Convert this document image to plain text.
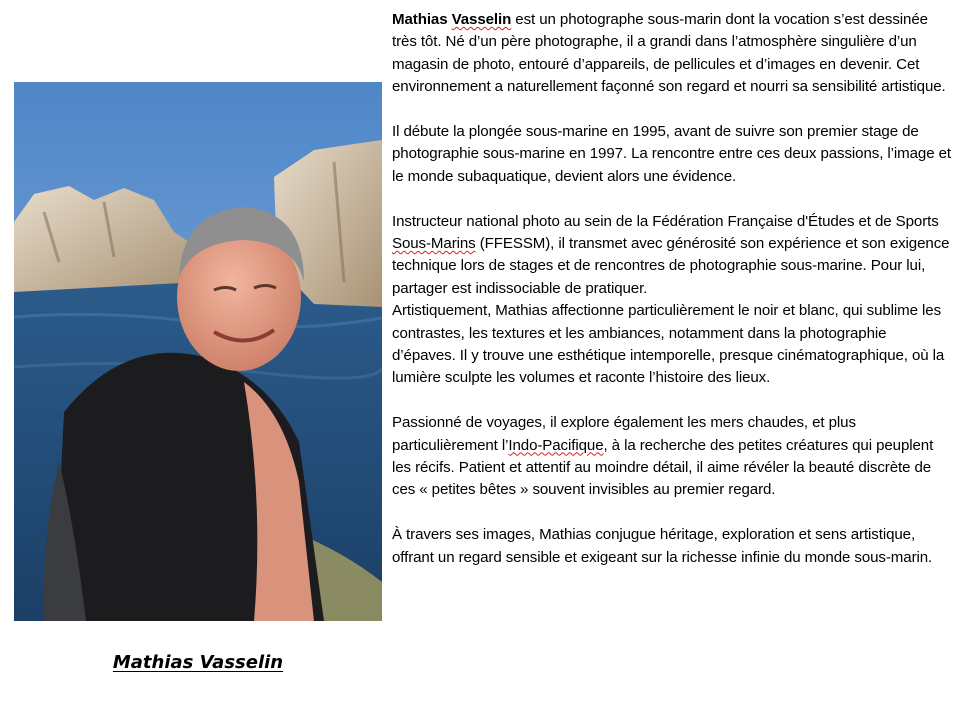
Mathias Vasselin

Mathias Vasselin est un photographe sous-marin dont la vocation s’est dessinée très tôt. Né d’un père photographe, il a grandi dans l’atmosphère singulière d’un magasin de photo, entouré d’appareils, de pellicules et d’images en devenir. Cet environnement a naturellement façonné son regard et nourri sa sensibilité artistique.

Il débute la plongée sous-marine en 1995, avant de suivre son premier stage de photographie sous-marine en 1997. La rencontre entre ces deux passions, l’image et le monde subaquatique, devient alors une évidence.

Instructeur national photo au sein de la Fédération Française d'Études et de Sports Sous-Marins (FFESSM), il transmet avec générosité son expérience et son exigence technique lors de stages et de rencontres de photographie sous-marine. Pour lui, partager est indissociable de pratiquer.

Artistiquement, Mathias affectionne particulièrement le noir et blanc, qui sublime les contrastes, les textures et les ambiances, notamment dans la photographie d’épaves. Il y trouve une esthétique intemporelle, presque cinématographique, où la lumière sculpte les volumes et raconte l’histoire des lieux.

Passionné de voyages, il explore également les mers chaudes, et plus particulièrement l’Indo-Pacifique, à la recherche des petites créatures qui peuplent les récifs. Patient et attentif au moindre détail, il aime révéler la beauté discrète de ces « petites bêtes » souvent invisibles au premier regard.

À travers ses images, Mathias conjugue héritage, exploration et sens artistique, offrant un regard sensible et exigeant sur la richesse infinie du monde sous-marin.
